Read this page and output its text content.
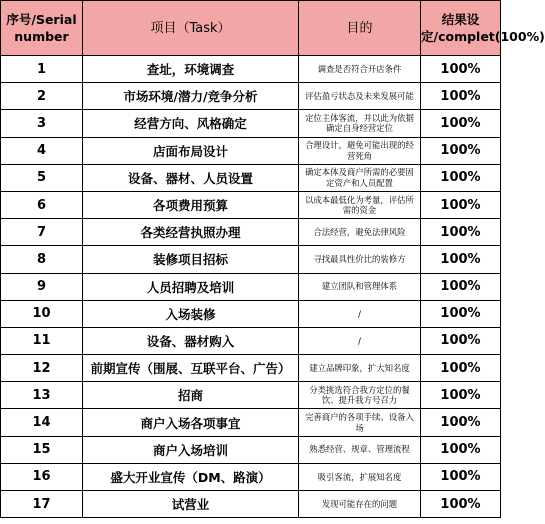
序号/Serial number	项目（Task）	目的	结果设定/complet(100%)
1	查址，环境调查	调查是否符合开店条件	100%
2	市场环境/潜力/竞争分析	评估盈亏状态及未来发展可能	100%
3	经营方向、风格确定	定位主体客流，并以此为依据确定自身经营定位	100%
4	店面布局设计	合理设计，避免可能出现的经营死角	100%
5	设备、器材、人员设置	确定本体及商户所需的必要固定资产和人员配置	100%
6	各项费用预算	以成本最低化为考量，评估所需的资金	100%
7	各类经营执照办理	合法经营，避免法律风险	100%
8	装修项目招标	寻找最具性价比的装修方	100%
9	人员招聘及培训	建立团队和管理体系	100%
10	入场装修	/	100%
11	设备、器材购入	/	100%
12	前期宣传（围展、互联平台、广告）	建立品牌印象，扩大知名度	100%
13	招商	分类挑选符合我方定位的餐饮、提升我方号召力	100%
14	商户入场各项事宜	完善商户的各项手续、设备入场	100%
15	商户入场培训	熟悉经营、规章、管理流程	100%
16	盛大开业宣传（DM、路演）	吸引客流，扩展知名度	100%
17	试营业	发现可能存在的问题	100%
